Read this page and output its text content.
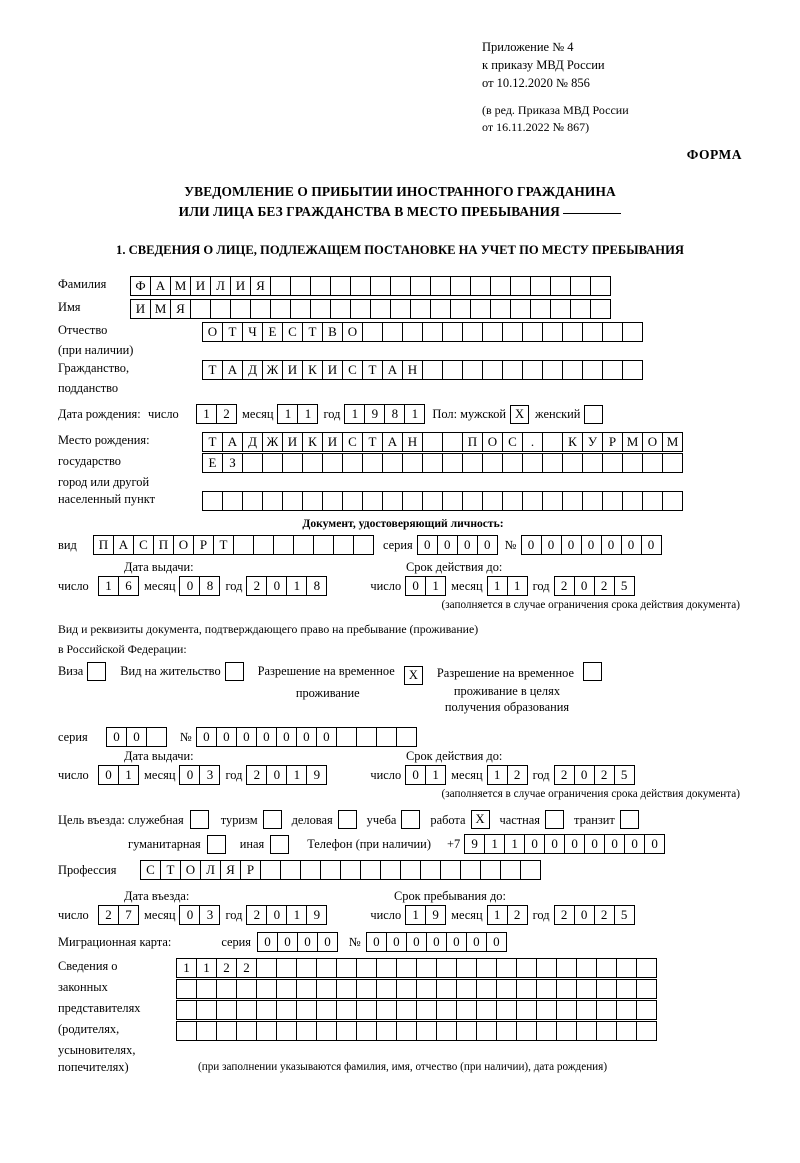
Приложение № 4
к приказу МВД России
от 10.12.2020 № 856
(в ред. Приказа МВД России
от 16.11.2022 № 867)
ФОРМА
УВЕДОМЛЕНИЕ О ПРИБЫТИИ ИНОСТРАННОГО ГРАЖДАНИНА
ИЛИ ЛИЦА БЕЗ ГРАЖДАНСТВА В МЕСТО ПРЕБЫВАНИЯ
1. СВЕДЕНИЯ О ЛИЦЕ, ПОДЛЕЖАЩЕМ ПОСТАНОВКЕ НА УЧЕТ ПО МЕСТУ ПРЕБЫВАНИЯ
Фамилия	Ф А М И Л И Я
Имя	И М Я
Отчество	О Т Ч Е С Т В О
(при наличии)
Гражданство,	Т А Д Ж И К И С Т А Н
подданство
Дата рождения: число	1	2 месяц 1	1 год 1	9	8	1	Пол: мужской Х женский
Место рождения:	Т А Д Ж И К И С Т А Н	П О С	.	К У Р М О М
государство	Е З
город или другой
населенный пункт
Документ, удостоверяющий личность:
вид	П А С П О Р Т	серия 0	0	0	0	№ 0	0	0	0	0	0	0
Дата выдачи:	Срок действия до:
число	1	6 месяц 0	8 год 2	0	1	8	число 0	1 месяц 1	1 год 2	0	2	5
(заполняется в случае ограничения срока действия документа)
Вид и реквизиты документа, подтверждающего право на пребывание (проживание)
в Российской Федерации:
Виза	Вид на жительство	Разрешение на временное Х
проживание
Разрешение на временное
проживание в целях
получения образования
серия	0	0	№ 0	0	0	0	0	0	0
Дата выдачи:	Срок действия до:
число	0	1 месяц 0	3 год 2	0	1	9	число 0	1 месяц 1	2 год 2	0	2	5
(заполняется в случае ограничения срока действия документа)
Цель въезда: служебная	туризм	деловая	учеба	работа Х	частная	транзит
гуманитарная	иная	Телефон (при наличии) +7 9	1	1	0	0	0	0	0	0	0
Профессия	С Т О Л Я Р
Дата въезда:	Срок пребывания до:
число	2	7 месяц 0	3 год 2	0	1	9	число 1	9 месяц 1	2 год 2	0	2	5
Миграционная карта:	серия	0	0	0	0	№ 0	0	0	0	0	0	0
Сведения о	1	1	2	2
законных
представителях
(родителях,
усыновителях,
попечителях)	(при заполнении указываются фамилия, имя, отчество (при наличии), дата рождения)
